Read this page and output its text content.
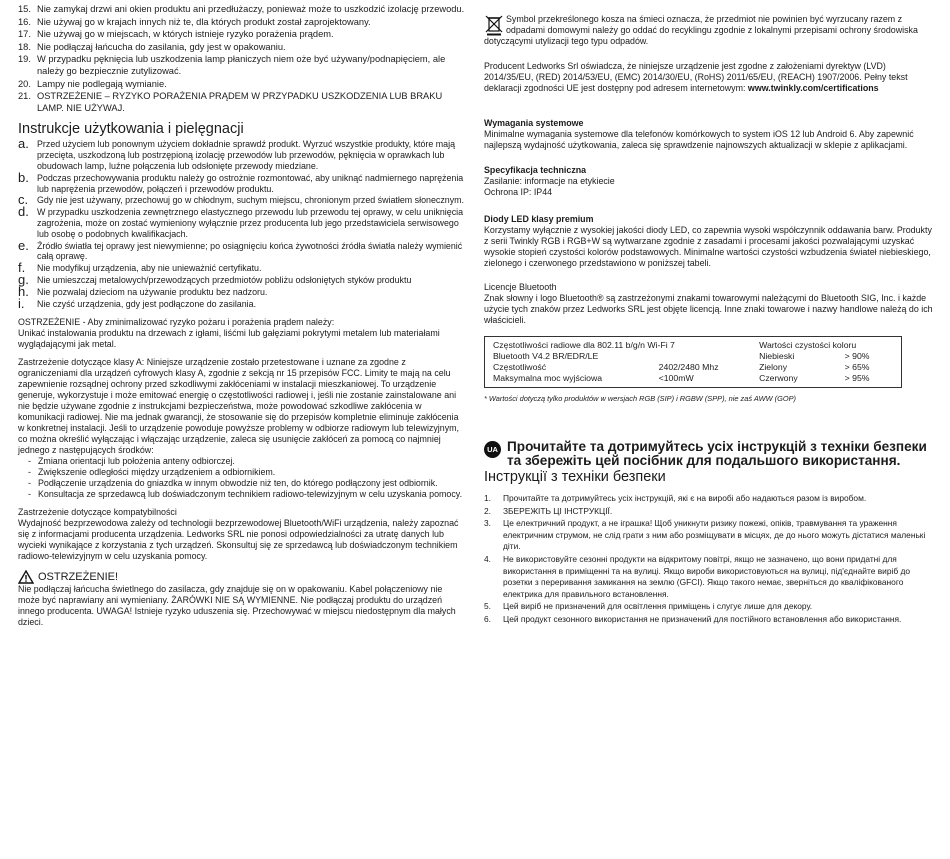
15. Nie zamykaj drzwi ani okien produktu ani przedłużaczy, ponieważ może to uszkodzić izolację przewodu.
16. Nie używaj go w krajach innych niż te, dla których produkt został zaprojektowany.
17. Nie używaj go w miejscach, w których istnieje ryzyko porażenia prądem.
18. Nie podłączaj łańcucha do zasilania, gdy jest w opakowaniu.
19. W przypadku pęknięcia lub uszkodzenia lamp płaniczych niem oże być używany/podnapięciem, ale należy go bezpiecznie zutylizować.
20. Lampy nie podlegają wymianie.
21. OSTRZEŻENIE – RYZYKO PORAŻENIA PRĄDEM W PRZYPADKU USZKODZENIA LUB BRAKU LAMP. NIE UŻYWAJ.
Instrukcje użytkowania i pielęgnacji
a. Przed użyciem lub ponownym użyciem dokładnie sprawdź produkt. Wyrzuć wszystkie produkty, które mają przecięta, uszkodzoną lub postrzępioną izolację przewodów lub przewodów, pęknięcia w oprawkach lub obudowach lamp, luźne połączenia lub odsłonięte przewody miedziane.
b. Podczas przechowywania produktu należy go ostrożnie rozmontować, aby uniknąć nadmiernego naprężenia lub naprężenia przewodów, połączeń i przewodów produktu.
c. Gdy nie jest używany, przechowuj go w chłodnym, suchym miejscu, chronionym przed światłem słonecznym.
d. W przypadku uszkodzenia zewnętrznego elastycznego przewodu lub przewodu tej oprawy, w celu uniknięcia zagrożenia, może on zostać wymieniony wyłącznie przez producenta lub jego przedstawiciela serwisowego lub osobę o podobnych kwalifikacjach.
e. Źródło światła tej oprawy jest niewymienne; po osiągnięciu końca żywotności źródła światła należy wymienić całą oprawę.
f. Nie modyfikuj urządzenia, aby nie unieważnić certyfikatu.
g. Nie umieszczaj metalowych/przewodzących przedmiotów pobliżu odsłoniętych styków produktu
h. Nie pozwalaj dzieciom na używanie produktu bez nadzoru.
i. Nie czyść urządzenia, gdy jest podłączone do zasilania.

OSTRZEŻENIE - Aby zminimalizować ryzyko pożaru i porażenia prądem należy:

Unikać instalowania produktu na drzewach z igłami, liśćmi lub gałęziami pokrytymi metalem lub materiałami wyglądającymi jak metal.

Zastrzeżenie dotyczące klasy A: Niniejsze urządzenie zostało przetestowane i uznane za zgodne z ograniczeniami dla urządzeń cyfrowych klasy A, zgodnie z sekcją nr 15 przepisów FCC. Limity te mają na celu zapewnienie rozsądnej ochrony przed szkodliwymi zakłóceniami w instalacji mieszkaniowej. To urządzenie generuje, wykorzystuje i może emitować energię o częstotliwości radiowej i, jeśli nie zostanie zainstalowane ani nie będzie używane zgodnie z instrukcjami bezpieczeństwa, może powodować szkodliwe zakłócenia w komunikacji radiowej. Nie ma jednak gwarancji, że stosowanie się do przepisów kompletnie eliminuje zakłócenia w konkretnej instalacji. Jeśli to urządzenie powoduje powyższe problemy w odbiorze radiowym lub telewizyjnym, co można określić wyłączając i włączając urządzenie, zaleca się usunięcie zakłóceń za pomocą co najmniej jednego z następujących środków:

- Zmiana orientacji lub położenia anteny odbiorczej.
- Zwiększenie odległości między urządzeniem a odbiornikiem.
- Podłączenie urządzenia do gniazdka w innym obwodzie niż ten, do którego podłączony jest odbiornik.
- Konsultacja ze sprzedawcą lub doświadczonym technikiem radiowo-telewizyjnym w celu uzyskania pomocy.

Zastrzeżenie dotyczące kompatybilności

Wydajność bezprzewodowa zależy od technologii bezprzewodowej Bluetooth/WiFi urządzenia, należy zapoznać się z informacjami producenta urządzenia. Ledworks SRL nie ponosi odpowiedzialności za utratę danych lub wycieki wynikające z korzystania z tych urządzeń. Skonsultuj się ze sprzedawcą lub doświadczonym technikiem radiowo-telewizyjnym w celu uzyskania pomocy.

OSTRZEŻENIE!

Nie podłączaj łańcucha świetlnego do zasilacza, gdy znajduje się on w opakowaniu. Kabel połączeniowy nie może być naprawiany ani wymieniany. ŻARÓWKI NIE SĄ WYMIENNE. Nie podłączaj produktu do urządzeń innego producenta. UWAGA! Istnieje ryzyko uduszenia się. Przechowywać w miejscu niedostępnym dla małych dzieci.

Symbol przekreślonego kosza na śmieci oznacza, że przedmiot nie powinien być wyrzucany razem z odpadami domowymi należy go oddać do recyklingu zgodnie z lokalnymi przepisami ochrony środowiska dotyczącymi utylizacji tego typu odpadów.

Producent Ledworks Srl oświadcza, że niniejsze urządzenie jest zgodne z założeniami dyrektyw (LVD) 2014/35/EU, (RED) 2014/53/EU, (EMC) 2014/30/EU, (RoHS) 2011/65/EU, (REACH) 1907/2006. Pełny tekst deklaracji zgodności UE jest dostępny pod adresem internetowym: www.twinkly.com/certifications

Wymagania systemowe

Minimalne wymagania systemowe dla telefonów komórkowych to system iOS 12 lub Android 6. Aby zapewnić najlepszą wydajność użytkowania, zaleca się sprawdzenie najnowszych aktualizacji w sklepie z aplikacjami.

Specyfikacja techniczna

Zasilanie: informacje na etykiecie

Ochrona IP: IP44

Diody LED klasy premium

Korzystamy wyłącznie z wysokiej jakości diody LED, co zapewnia wysoki współczynnik oddawania barw. Produkty z serii Twinkly RGB i RGB+W są wytwarzane zgodnie z zasadami i procesami jakości pozwalającymi uzyskać wysokie stopień czystości kolorów podstawowych. Minimalne wartości czystości wzbudzenia świateł niebieskiego, zielonego i czerwonego przedstawiono w poniższej tabeli.

Licencje Bluetooth

Znak słowny i logo Bluetooth® są zastrzeżonymi znakami towarowymi należącymi do Bluetooth SIG, Inc. i każde użycie tych znaków przez Ledworks SRL jest objęte licencją. Inne znaki towarowe i nazwy handlowe należą do ich właścicieli.

Częstotliwości radiowe dla 802.11 b/g/n Wi-Fi 7		Wartości czystości koloru	
Bluetooth V4.2 BR/EDR/LE		Niebieski	> 90%
Częstotliwość	2402/2480 Mhz	Zielony	> 65%
Maksymalna moc wyjściowa	<100mW	Czerwony	> 95%
* Wartości dotyczą tylko produktów w wersjach RGB (SIP) i RGBW (SPP), nie zaś AWW (GOP)
UA Прочитайте та дотримуйтесь усіх інструкцій з техніки безпеки та збережіть цей посібник для подальшого використання.
Інструкції з техніки безпеки
1. Прочитайте та дотримуйтесь усіх інструкцій, які є на виробі або надаються разом із виробом.
2. ЗБЕРЕЖІТЬ ЦІ ІНСТРУКЦІЇ.
3. Це електричний продукт, а не іграшка! Щоб уникнути ризику пожежі, опіків, травмування та ураження електричним струмом, не слід грати з ним або розміщувати в місцях, де до нього можуть дістатися маленькі діти.
4. Не використовуйте сезонні продукти на відкритому повітрі, якщо не зазначено, що вони придатні для використання в приміщенні та на вулиці. Якщо вироби використовуються на вулиці, під'єднайте виріб до розетки з переривання замикання на землю (GFCI). Якщо такого немає, зверніться до кваліфікованого електрика для правильного встановлення.
5. Цей виріб не призначений для освітлення приміщень і слугує лише для декору.
6. Цей продукт сезонного використання не призначений для постійного встановлення або використання.
